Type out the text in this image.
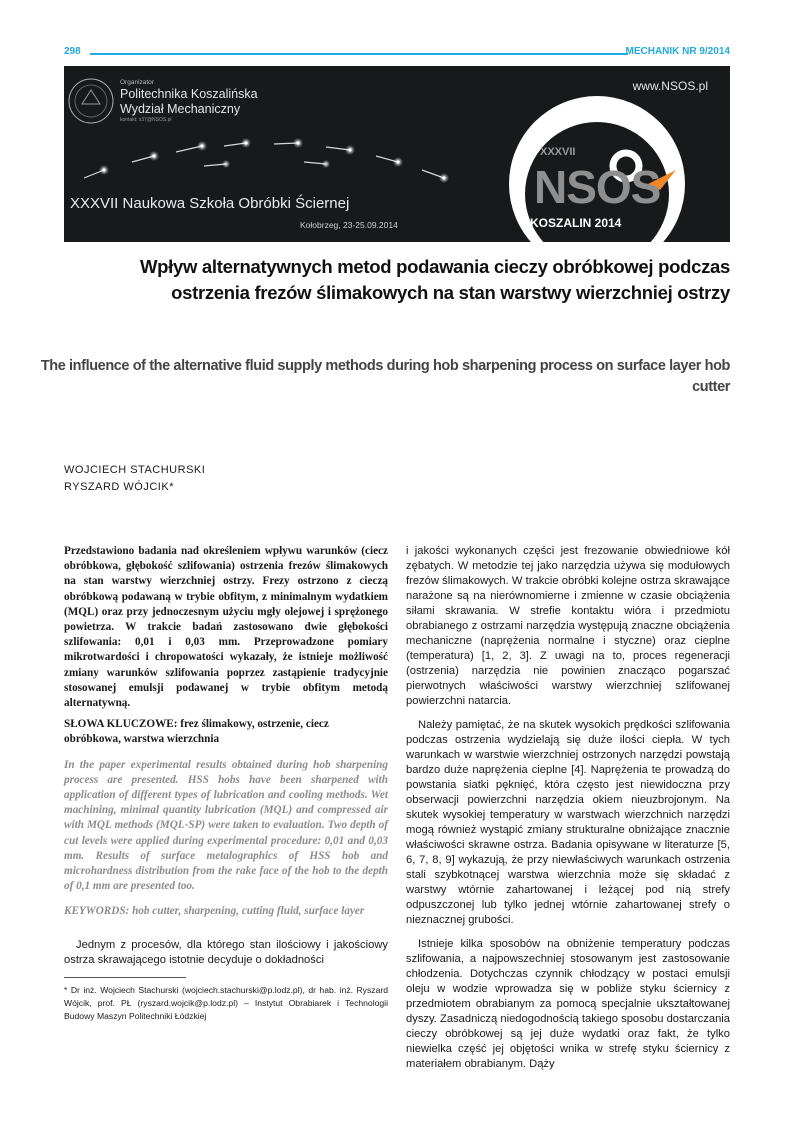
298	MECHANIK NR 9/2014
Organizator
Politechnika Koszalińska
Wydział Mechaniczny
kontakt: x37@NSOS.pl
www.NSOS.pl
XXXVII Naukowa Szkoła Obróbki Ściernej
Kołobrzeg, 23-25.09.2014
XXXVII
NSOS
KOSZALIN 2014
Wpływ alternatywnych metod podawania cieczy obróbkowej podczas ostrzenia frezów ślimakowych na stan warstwy wierzchniej ostrzy
The influence of the alternative fluid supply methods during hob sharpening process on surface layer hob cutter
WOJCIECH STACHURSKI
RYSZARD WÓJCIK*

Przedstawiono badania nad określeniem wpływu warunków (ciecz obróbkowa, głębokość szlifowania) ostrzenia frezów ślimakowych na stan warstwy wierzchniej ostrzy. Frezy ostrzono z cieczą obróbkową podawaną w trybie obfitym, z minimalnym wydatkiem (MQL) oraz przy jednoczesnym użyciu mgły olejowej i sprężonego powietrza. W trakcie badań zastosowano dwie głębokości szlifowania: 0,01 i 0,03 mm. Przeprowadzone pomiary mikrotwardości i chropowatości wykazały, że istnieje możliwość zmiany warunków szlifowania poprzez zastąpienie tradycyjnie stosowanej emulsji podawanej w trybie obfitym metodą alternatywną.

SŁOWA KLUCZOWE: frez ślimakowy, ostrzenie, ciecz obróbkowa, warstwa wierzchnia

In the paper experimental results obtained during hob sharpening process are presented. HSS hobs have been sharpened with application of different types of lubrication and cooling methods. Wet machining, minimal quantity lubrication (MQL) and compressed air with MQL methods (MQL-SP) were taken to evaluation. Two depth of cut levels were applied during experimental procedure: 0,01 and 0,03 mm. Results of surface metalographics of HSS hob and microhardness distribution from the rake face of the hob to the depth of 0,1 mm are presented too.

KEYWORDS: hob cutter, sharpening, cutting fluid, surface layer

Jednym z procesów, dla którego stan ilościowy i jakościowy ostrza skrawającego istotnie decyduje o dokładności

* Dr inż. Wojciech Stachurski (wojciech.stachurski@p.lodz.pl), dr hab. inż. Ryszard Wójcik, prof. PŁ (ryszard.wojcik@p.lodz.pl) – Instytut Obrabiarek i Technologii Budowy Maszyn Politechniki Łódzkiej

i jakości wykonanych części jest frezowanie obwiedniowe kół zębatych. W metodzie tej jako narzędzia używa się modułowych frezów ślimakowych. W trakcie obróbki kolejne ostrza skrawające narażone są na nierównomierne i zmienne w czasie obciążenia siłami skrawania. W strefie kontaktu wióra i przedmiotu obrabianego z ostrzami narzędzia występują znaczne obciążenia mechaniczne (naprężenia normalne i styczne) oraz cieplne (temperatura) [1, 2, 3]. Z uwagi na to, proces regeneracji (ostrzenia) narzędzia nie powinien znacząco pogarszać pierwotnych właściwości warstwy wierzchniej szlifowanej powierzchni natarcia.

Należy pamiętać, że na skutek wysokich prędkości szlifowania podczas ostrzenia wydzielają się duże ilości ciepła. W tych warunkach w warstwie wierzchniej ostrzonych narzędzi powstają bardzo duże naprężenia cieplne [4]. Naprężenia te prowadzą do powstania siatki pęknięć, która często jest niewidoczna przy obserwacji powierzchni narzędzia okiem nieuzbrojonym. Na skutek wysokiej temperatury w warstwach wierzchnich narzędzi mogą również wystąpić zmiany strukturalne obniżające znacznie właściwości skrawne ostrza. Badania opisywane w literaturze [5, 6, 7, 8, 9] wykazują, że przy niewłaściwych warunkach ostrzenia stali szybkotnącej warstwa wierzchnia może się składać z warstwy wtórnie zahartowanej i leżącej pod nią strefy odpuszczonej lub tylko jednej wtórnie zahartowanej strefy o nieznacznej grubości.

Istnieje kilka sposobów na obniżenie temperatury podczas szlifowania, a najpowszechniej stosowanym jest zastosowanie chłodzenia. Dotychczas czynnik chłodzący w postaci emulsji oleju w wodzie wprowadza się w pobliże styku ściernicy z przedmiotem obrabianym za pomocą specjalnie ukształtowanej dyszy. Zasadniczą niedogodnością takiego sposobu dostarczania cieczy obróbkowej są jej duże wydatki oraz fakt, że tylko niewielka część jej objętości wnika w strefę styku ściernicy z materiałem obrabianym. Dąży
